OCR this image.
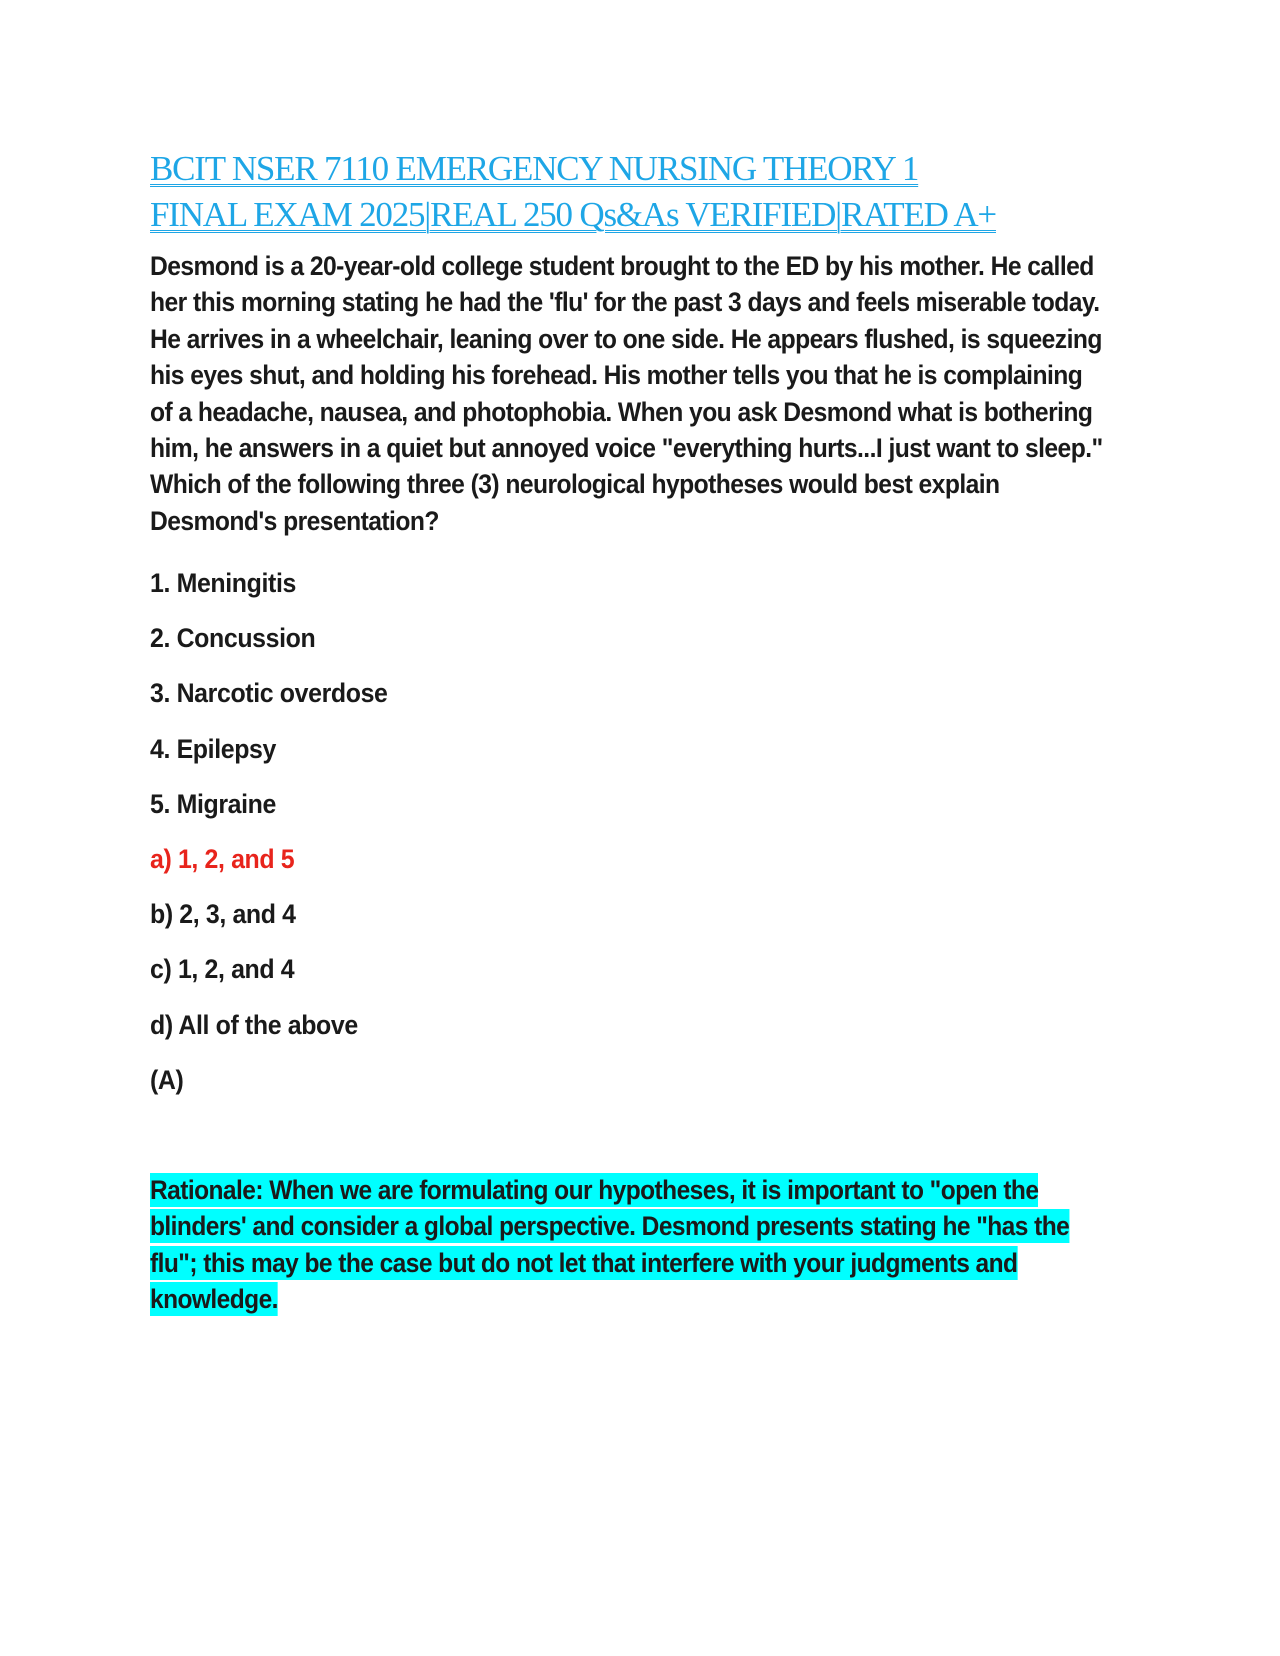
BCIT NSER 7110 EMERGENCY NURSING THEORY 1
FINAL EXAM 2025|REAL 250 Qs&As VERIFIED|RATED A+

Desmond is a 20-year-old college student brought to the ED by his mother. He called her this morning stating he had the 'flu' for the past 3 days and feels miserable today. He arrives in a wheelchair, leaning over to one side. He appears flushed, is squeezing his eyes shut, and holding his forehead. His mother tells you that he is complaining of a headache, nausea, and photophobia. When you ask Desmond what is bothering him, he answers in a quiet but annoyed voice "everything hurts...I just want to sleep."

Which of the following three (3) neurological hypotheses would best explain Desmond's presentation?

1. Meningitis
2. Concussion
3. Narcotic overdose
4. Epilepsy
5. Migraine
a) 1, 2, and 5
b) 2, 3, and 4
c) 1, 2, and 4
d) All of the above
(A)
Rationale: When we are formulating our hypotheses, it is important to "open the blinders' and consider a global perspective. Desmond presents stating he "has the flu"; this may be the case but do not let that interfere with your judgments and knowledge.
